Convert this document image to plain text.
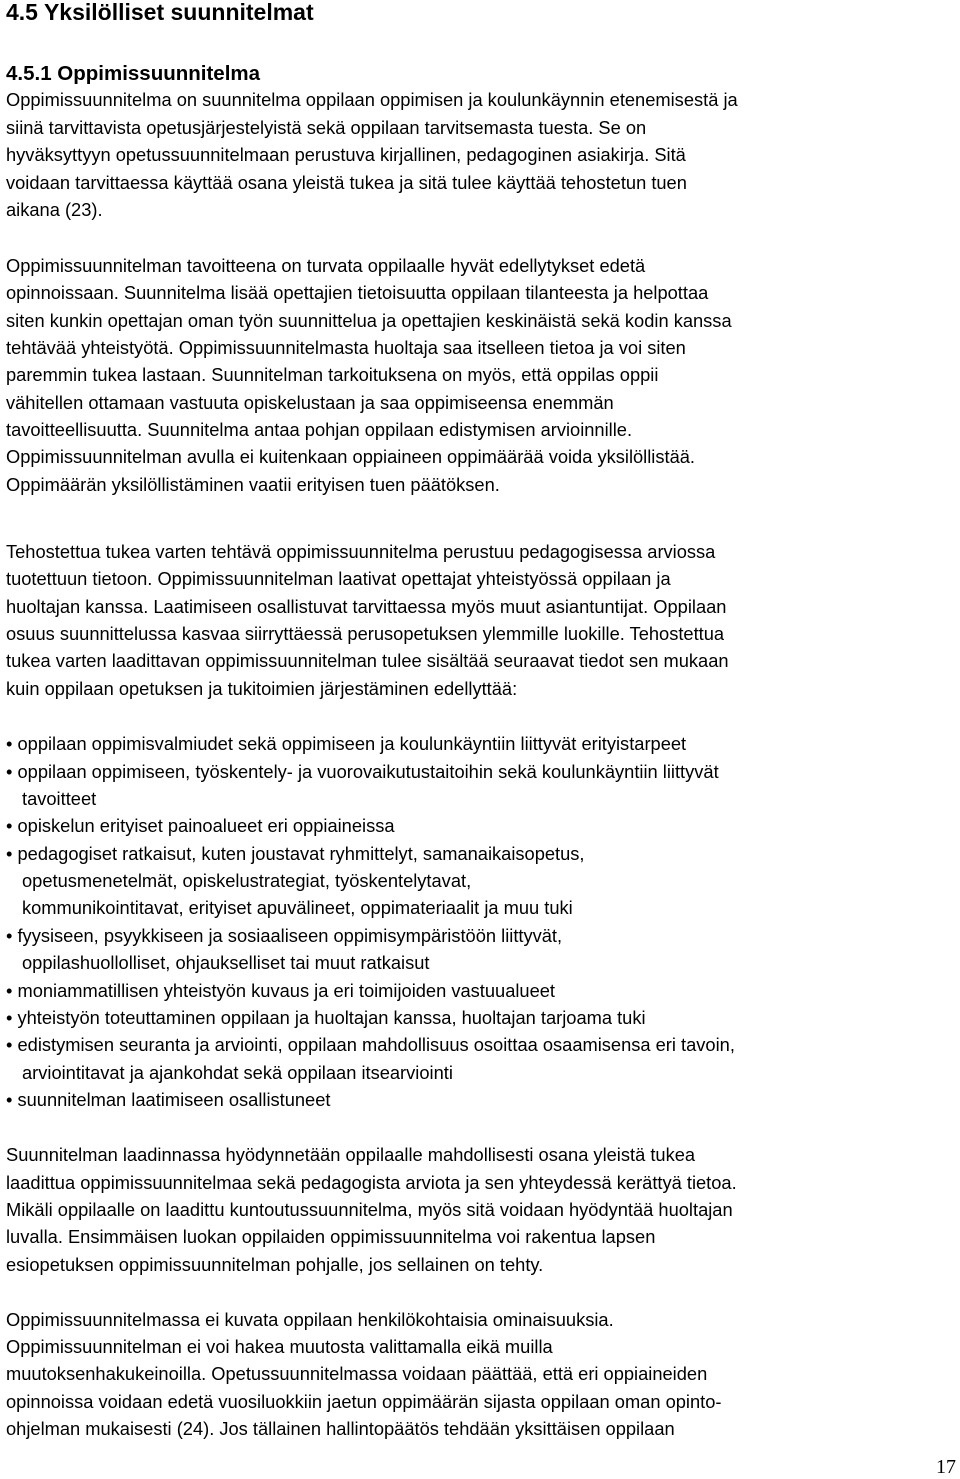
4.5 Yksilölliset suunnitelmat
4.5.1 Oppimissuunnitelma
Oppimissuunnitelma on suunnitelma oppilaan oppimisen ja koulunkäynnin etenemisestä ja
siinä tarvittavista opetusjärjestelyistä sekä oppilaan tarvitsemasta tuesta. Se on
hyväksyttyyn opetussuunnitelmaan perustuva kirjallinen, pedagoginen asiakirja. Sitä
voidaan tarvittaessa käyttää osana yleistä tukea ja sitä tulee käyttää tehostetun tuen
aikana (23).
Oppimissuunnitelman tavoitteena on turvata oppilaalle hyvät edellytykset edetä
opinnoissaan. Suunnitelma lisää opettajien tietoisuutta oppilaan tilanteesta ja helpottaa
siten kunkin opettajan oman työn suunnittelua ja opettajien keskinäistä sekä kodin kanssa
tehtävää yhteistyötä. Oppimissuunnitelmasta huoltaja saa itselleen tietoa ja voi siten
paremmin tukea lastaan. Suunnitelman tarkoituksena on myös, että oppilas oppii
vähitellen ottamaan vastuuta opiskelustaan ja saa oppimiseensa enemmän
tavoitteellisuutta. Suunnitelma antaa pohjan oppilaan edistymisen arvioinnille.
Oppimissuunnitelman avulla ei kuitenkaan oppiaineen oppimäärää voida yksilöllistää.
Oppimäärän yksilöllistäminen vaatii erityisen tuen päätöksen.
Tehostettua tukea varten tehtävä oppimissuunnitelma perustuu pedagogisessa arviossa
tuotettuun tietoon. Oppimissuunnitelman laativat opettajat yhteistyössä oppilaan ja
huoltajan kanssa. Laatimiseen osallistuvat tarvittaessa myös muut asiantuntijat. Oppilaan
osuus suunnittelussa kasvaa siirryttäessä perusopetuksen ylemmille luokille. Tehostettua
tukea varten laadittavan oppimissuunnitelman tulee sisältää seuraavat tiedot sen mukaan
kuin oppilaan opetuksen ja tukitoimien järjestäminen edellyttää:
• oppilaan oppimisvalmiudet sekä oppimiseen ja koulunkäyntiin liittyvät erityistarpeet
• oppilaan oppimiseen, työskentely- ja vuorovaikutustaitoihin sekä koulunkäyntiin liittyvät
tavoitteet
• opiskelun erityiset painoalueet eri oppiaineissa
• pedagogiset ratkaisut, kuten joustavat ryhmittelyt, samanaikaisopetus,
opetusmenetelmät, opiskelustrategiat, työskentelytavat,
kommunikointitavat, erityiset apuvälineet, oppimateriaalit ja muu tuki
• fyysiseen, psyykkiseen ja sosiaaliseen oppimisympäristöön liittyvät,
oppilashuollolliset, ohjaukselliset tai muut ratkaisut
• moniammatillisen yhteistyön kuvaus ja eri toimijoiden vastuualueet
• yhteistyön toteuttaminen oppilaan ja huoltajan kanssa, huoltajan tarjoama tuki
• edistymisen seuranta ja arviointi, oppilaan mahdollisuus osoittaa osaamisensa eri tavoin,
arviointitavat ja ajankohdat sekä oppilaan itsearviointi
• suunnitelman laatimiseen osallistuneet
Suunnitelman laadinnassa hyödynnetään oppilaalle mahdollisesti osana yleistä tukea
laadittua oppimissuunnitelmaa sekä pedagogista arviota ja sen yhteydessä kerättyä tietoa.
Mikäli oppilaalle on laadittu kuntoutussuunnitelma, myös sitä voidaan hyödyntää huoltajan
luvalla. Ensimmäisen luokan oppilaiden oppimissuunnitelma voi rakentua lapsen
esiopetuksen oppimissuunnitelman pohjalle, jos sellainen on tehty.
Oppimissuunnitelmassa ei kuvata oppilaan henkilökohtaisia ominaisuuksia.
Oppimissuunnitelman ei voi hakea muutosta valittamalla eikä muilla
muutoksenhakukeinoilla. Opetussuunnitelmassa voidaan päättää, että eri oppiaineiden
opinnoissa voidaan edetä vuosiluokkiin jaetun oppimäärän sijasta oppilaan oman opinto-
ohjelman mukaisesti (24). Jos tällainen hallintopäätös tehdään yksittäisen oppilaan
17
